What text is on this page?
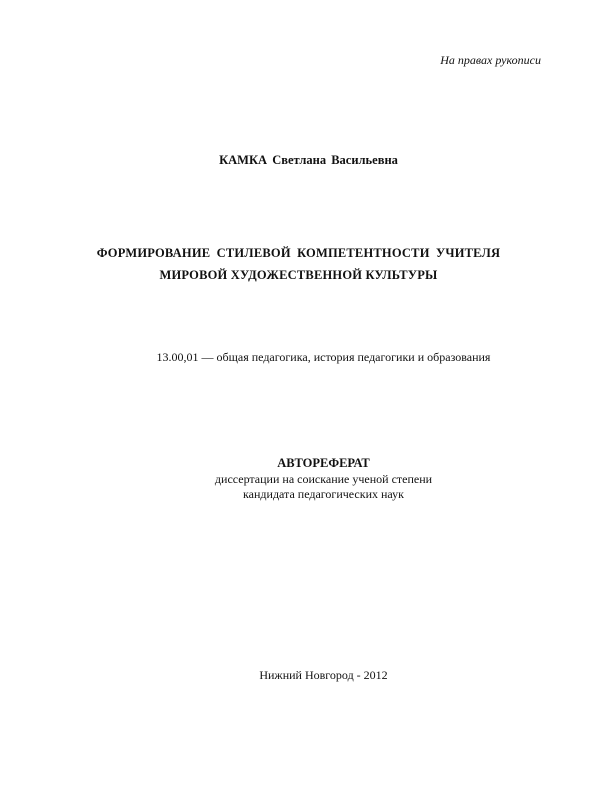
На правах рукописи
КАМКА Светлана Васильевна
ФОРМИРОВАНИЕ СТИЛЕВОЙ КОМПЕТЕНТНОСТИ УЧИТЕЛЯ
МИРОВОЙ ХУДОЖЕСТВЕННОЙ КУЛЬТУРЫ
13.00,01 — общая педагогика, история педагогики и образования
АВТОРЕФЕРАТ
диссертации на соискание ученой степени
кандидата педагогических наук
Нижний Новгород - 2012
